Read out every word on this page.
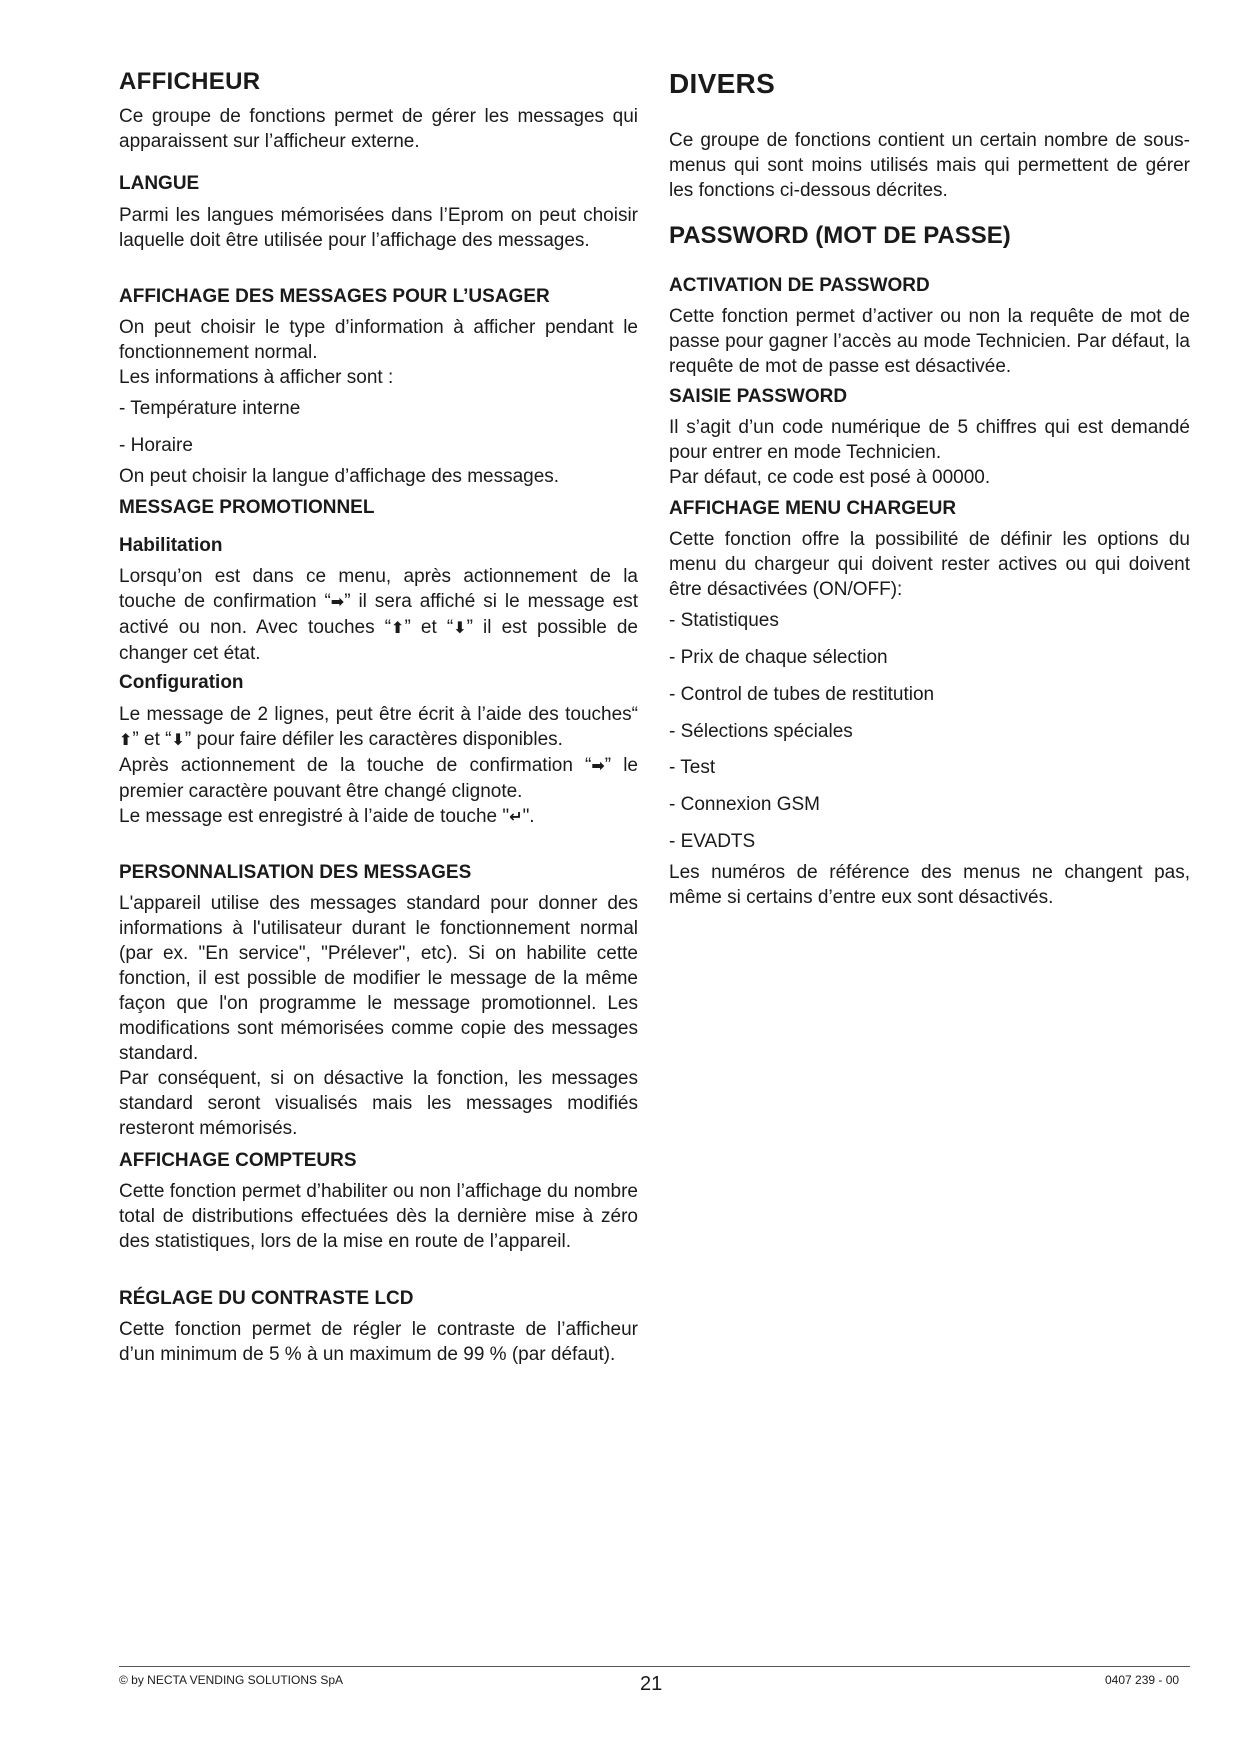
AFFICHEUR

Ce groupe de fonctions permet de gérer les messages qui apparaissent sur l’afficheur externe.

LANGUE

Parmi les langues mémorisées dans l’Eprom on peut choisir laquelle doit être utilisée pour l’affichage des messages.

AFFICHAGE DES MESSAGES POUR L’USAGER

On peut choisir le type d’information à afficher pendant le fonctionnement normal.

Les informations à afficher sont :

- Température interne

- Horaire

On peut choisir la langue d’affichage des messages.

MESSAGE PROMOTIONNEL
Habilitation

Lorsqu’on est dans ce menu, après actionnement de la touche de confirmation “➡” il sera affiché si le message est activé ou non. Avec touches “⬆” et “⬇” il est possible de changer cet état.

Configuration

Le message de 2 lignes, peut être écrit à l’aide des touches“⬆” et “⬇” pour faire défiler les caractères disponibles.
Après actionnement de la touche de confirmation “➡” le premier caractère pouvant être changé clignote.
Le message est enregistré à l’aide de touche "↵".

PERSONNALISATION DES MESSAGES

L'appareil utilise des messages standard pour donner des informations à l'utilisateur durant le fonctionnement normal (par ex. "En service", "Prélever", etc). Si on habilite cette fonction, il est possible de modifier le message de la même façon que l'on programme le message promotionnel. Les modifications sont mémorisées comme copie des messages standard.

Par conséquent, si on désactive la fonction, les messages standard seront visualisés mais les messages modifiés resteront mémorisés.

AFFICHAGE COMPTEURS

Cette fonction permet d’habiliter ou non l’affichage du nombre total de distributions effectuées dès la dernière mise à zéro des statistiques, lors de la mise en route de l’appareil.

RÉGLAGE DU CONTRASTE LCD

Cette fonction permet de régler le contraste de l’afficheur d’un minimum de 5 % à un maximum de 99 % (par défaut).

DIVERS

Ce groupe de fonctions contient un certain nombre de sous-menus qui sont moins utilisés mais qui permettent de gérer les fonctions ci-dessous décrites.

PASSWORD (MOT DE PASSE)
ACTIVATION DE PASSWORD

Cette fonction permet d’activer ou non la requête de mot de passe pour gagner l’accès au mode Technicien. Par défaut, la requête de mot de passe est désactivée.

SAISIE PASSWORD

Il s’agit d’un code numérique de 5 chiffres qui est demandé pour entrer en mode Technicien.

Par défaut, ce code est posé à 00000.

AFFICHAGE MENU CHARGEUR

Cette fonction offre la possibilité de définir les options du menu du chargeur qui doivent rester actives ou qui doivent être désactivées (ON/OFF):

- Statistiques

- Prix de chaque sélection

- Control de tubes de restitution

- Sélections spéciales

- Test

- Connexion GSM

- EVADTS

Les numéros de référence des menus ne changent pas, même si certains d’entre eux sont désactivés.

© by NECTA VENDING SOLUTIONS SpA	21	0407 239 - 00
